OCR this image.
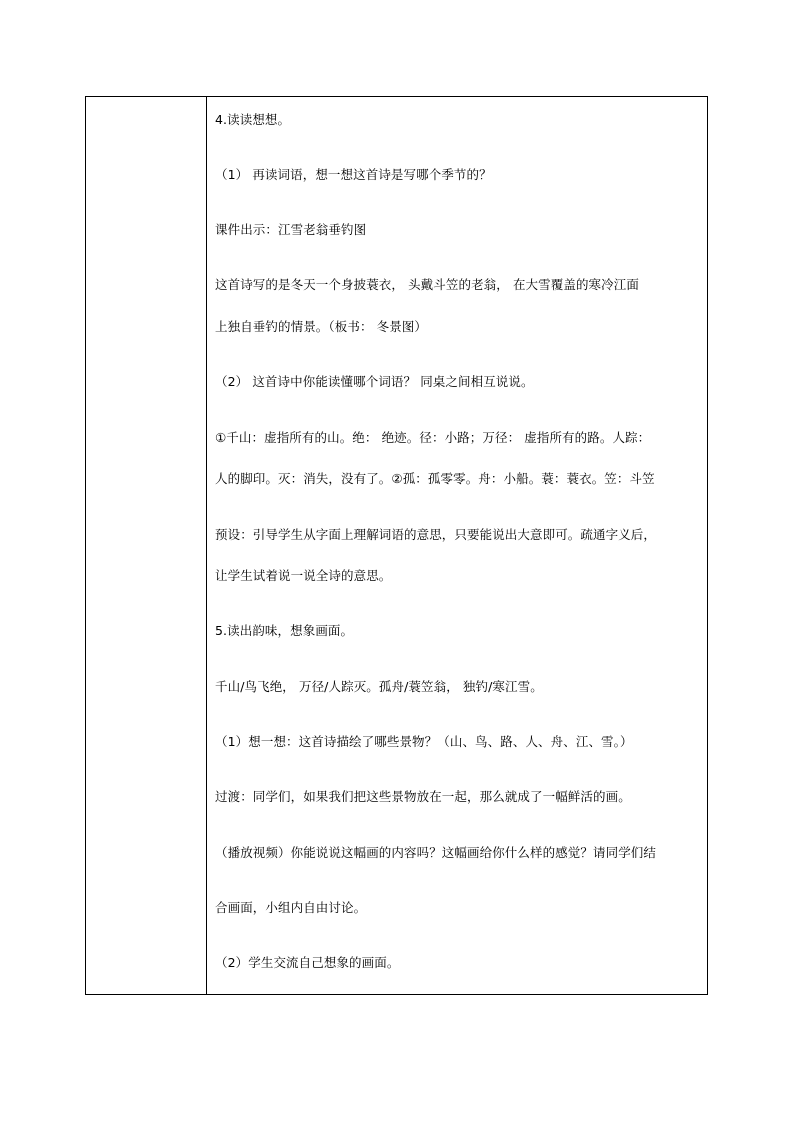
4.读读想想。
（1） 再读词语，想一想这首诗是写哪个季节的？
课件出示：江雪老翁垂钓图
这首诗写的是冬天一个身披蓑衣， 头戴斗笠的老翁， 在大雪覆盖的寒冷江面
上独自垂钓的情景。（板书： 冬景图）
（2） 这首诗中你能读懂哪个词语？ 同桌之间相互说说。
①千山：虚指所有的山。绝： 绝迹。径：小路；万径： 虚指所有的路。人踪：
人的脚印。灭：消失，没有了。②孤：孤零零。舟：小船。蓑：蓑衣。笠：斗笠
预设：引导学生从字面上理解词语的意思，只要能说出大意即可。疏通字义后，
让学生试着说一说全诗的意思。
5.读出韵味，想象画面。
千山/鸟飞绝， 万径/人踪灭。孤舟/蓑笠翁， 独钓/寒江雪。
（1）想一想：这首诗描绘了哪些景物？（山、鸟、路、人、舟、江、雪。）
过渡：同学们，如果我们把这些景物放在一起，那么就成了一幅鲜活的画。
（播放视频）你能说说这幅画的内容吗？这幅画给你什么样的感觉？请同学们结
合画面，小组内自由讨论。
（2）学生交流自己想象的画面。
